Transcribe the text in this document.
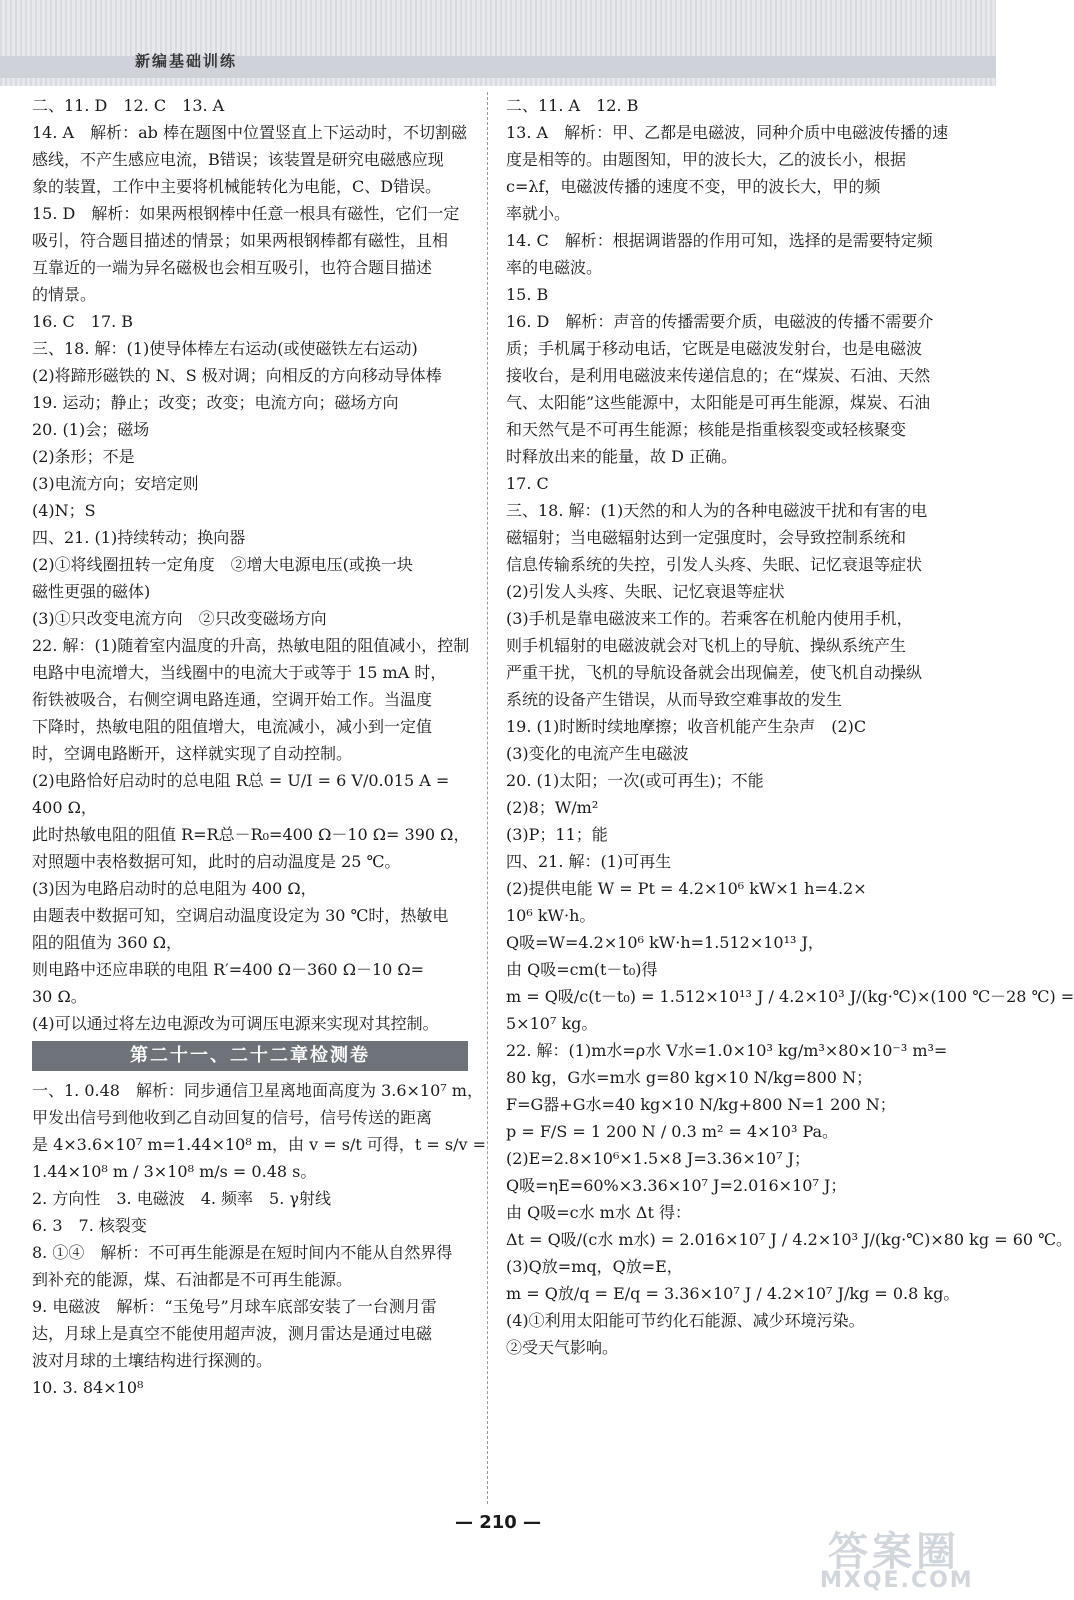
新编基础训练
二、11. D　12. C　13. A
14. A　解析：ab 棒在题图中位置竖直上下运动时，不切割磁
感线，不产生感应电流，B错误；该装置是研究电磁感应现
象的装置，工作中主要将机械能转化为电能，C、D错误。
15. D　解析：如果两根钢棒中任意一根具有磁性，它们一定
吸引，符合题目描述的情景；如果两根钢棒都有磁性，且相
互靠近的一端为异名磁极也会相互吸引，也符合题目描述
的情景。
16. C　17. B
三、18. 解：(1)使导体棒左右运动(或使磁铁左右运动)
(2)将蹄形磁铁的 N、S 极对调；向相反的方向移动导体棒
19. 运动；静止；改变；改变；电流方向；磁场方向
20. (1)会；磁场
(2)条形；不是
(3)电流方向；安培定则
(4)N；S
四、21. (1)持续转动；换向器
(2)①将线圈扭转一定角度　②增大电源电压(或换一块
磁性更强的磁体)
(3)①只改变电流方向　②只改变磁场方向
22. 解：(1)随着室内温度的升高，热敏电阻的阻值减小，控制
电路中电流增大，当线圈中的电流大于或等于 15 mA 时，
衔铁被吸合，右侧空调电路连通，空调开始工作。当温度
下降时，热敏电阻的阻值增大，电流减小，减小到一定值
时，空调电路断开，这样就实现了自动控制。
(2)电路恰好启动时的总电阻 R总 = U/I = 6 V/0.015 A =
400 Ω，
此时热敏电阻的阻值 R=R总－R₀=400 Ω－10 Ω= 390 Ω，
对照题中表格数据可知，此时的启动温度是 25 ℃。
(3)因为电路启动时的总电阻为 400 Ω，
由题表中数据可知，空调启动温度设定为 30 ℃时，热敏电
阻的阻值为 360 Ω，
则电路中还应串联的电阻 R′=400 Ω－360 Ω－10 Ω=
30 Ω。
(4)可以通过将左边电源改为可调压电源来实现对其控制。
第二十一、二十二章检测卷
一、1. 0.48　解析：同步通信卫星离地面高度为 3.6×10⁷ m，
甲发出信号到他收到乙自动回复的信号，信号传送的距离
是 4×3.6×10⁷ m=1.44×10⁸ m，由 v = s/t 可得，t = s/v =
1.44×10⁸ m / 3×10⁸ m/s = 0.48 s。
2. 方向性　3. 电磁波　4. 频率　5. γ射线
6. 3　7. 核裂变
8. ①④　解析：不可再生能源是在短时间内不能从自然界得
到补充的能源，煤、石油都是不可再生能源。
9. 电磁波　解析：“玉兔号”月球车底部安装了一台测月雷
达，月球上是真空不能使用超声波，测月雷达是通过电磁
波对月球的土壤结构进行探测的。
10. 3. 84×10⁸
二、11. A　12. B
13. A　解析：甲、乙都是电磁波，同种介质中电磁波传播的速
度是相等的。由题图知，甲的波长大，乙的波长小，根据
c=λf，电磁波传播的速度不变，甲的波长大，甲的频
率就小。
14. C　解析：根据调谐器的作用可知，选择的是需要特定频
率的电磁波。
15. B
16. D　解析：声音的传播需要介质，电磁波的传播不需要介
质；手机属于移动电话，它既是电磁波发射台，也是电磁波
接收台，是利用电磁波来传递信息的；在“煤炭、石油、天然
气、太阳能”这些能源中，太阳能是可再生能源，煤炭、石油
和天然气是不可再生能源；核能是指重核裂变或轻核聚变
时释放出来的能量，故 D 正确。
17. C
三、18. 解：(1)天然的和人为的各种电磁波干扰和有害的电
磁辐射；当电磁辐射达到一定强度时，会导致控制系统和
信息传输系统的失控，引发人头疼、失眠、记忆衰退等症状
(2)引发人头疼、失眠、记忆衰退等症状
(3)手机是靠电磁波来工作的。若乘客在机舱内使用手机，
则手机辐射的电磁波就会对飞机上的导航、操纵系统产生
严重干扰，飞机的导航设备就会出现偏差，使飞机自动操纵
系统的设备产生错误，从而导致空难事故的发生
19. (1)时断时续地摩擦；收音机能产生杂声　(2)C
(3)变化的电流产生电磁波
20. (1)太阳；一次(或可再生)；不能
(2)8；W/m²
(3)P；11；能
四、21. 解：(1)可再生
(2)提供电能 W = Pt = 4.2×10⁶ kW×1 h=4.2×
10⁶ kW·h。
Q吸=W=4.2×10⁶ kW·h=1.512×10¹³ J，
由 Q吸=cm(t－t₀)得
m = Q吸/c(t－t₀) = 1.512×10¹³ J / 4.2×10³ J/(kg·℃)×(100 ℃－28 ℃) =
5×10⁷ kg。
22. 解：(1)m水=ρ水 V水=1.0×10³ kg/m³×80×10⁻³ m³=
80 kg，G水=m水 g=80 kg×10 N/kg=800 N；
F=G器+G水=40 kg×10 N/kg+800 N=1 200 N；
p = F/S = 1 200 N / 0.3 m² = 4×10³ Pa。
(2)E=2.8×10⁶×1.5×8 J=3.36×10⁷ J；
Q吸=ηE=60%×3.36×10⁷ J=2.016×10⁷ J；
由 Q吸=c水 m水 Δt 得：
Δt = Q吸/(c水 m水) = 2.016×10⁷ J / 4.2×10³ J/(kg·℃)×80 kg = 60 ℃。
(3)Q放=mq，Q放=E，
m = Q放/q = E/q = 3.36×10⁷ J / 4.2×10⁷ J/kg = 0.8 kg。
(4)①利用太阳能可节约化石能源、减少环境污染。
②受天气影响。
— 210 —
答案圈
MXQE.COM
